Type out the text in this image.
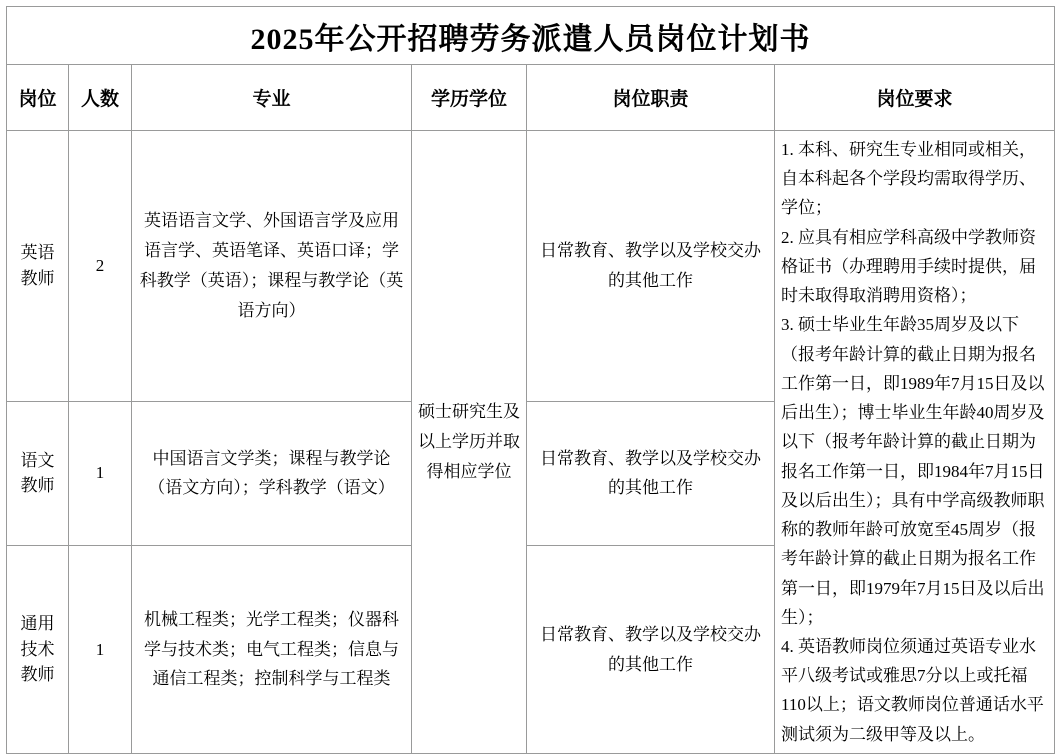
2025年公开招聘劳务派遣人员岗位计划书					
岗位	人数	专业	学历学位	岗位职责	岗位要求
英语
教师	2	英语语言文学、外国语言学及应用语言学、英语笔译、英语口译；学科教学（英语）；课程与教学论（英语方向）	硕士研究生及以上学历并取得相应学位	日常教育、教学以及学校交办的其他工作	

1. 本科、研究生专业相同或相关，自本科起各个学段均需取得学历、学位；

2. 应具有相应学科高级中学教师资格证书（办理聘用手续时提供，届时未取得取消聘用资格）；

3. 硕士毕业生年龄35周岁及以下（报考年龄计算的截止日期为报名工作第一日，即1989年7月15日及以后出生）；博士毕业生年龄40周岁及以下（报考年龄计算的截止日期为报名工作第一日，即1984年7月15日及以后出生）；具有中学高级教师职称的教师年龄可放宽至45周岁（报考年龄计算的截止日期为报名工作第一日，即1979年7月15日及以后出生）；

4. 英语教师岗位须通过英语专业水平八级考试或雅思7分以上或托福110以上；语文教师岗位普通话水平测试须为二级甲等及以上。

语文
教师	1	中国语言文学类；课程与教学论（语文方向）；学科教学（语文）		日常教育、教学以及学校交办的其他工作	
通用
技术
教师	1	机械工程类；光学工程类；仪器科学与技术类；电气工程类；信息与通信工程类；控制科学与工程类		日常教育、教学以及学校交办的其他工作	
